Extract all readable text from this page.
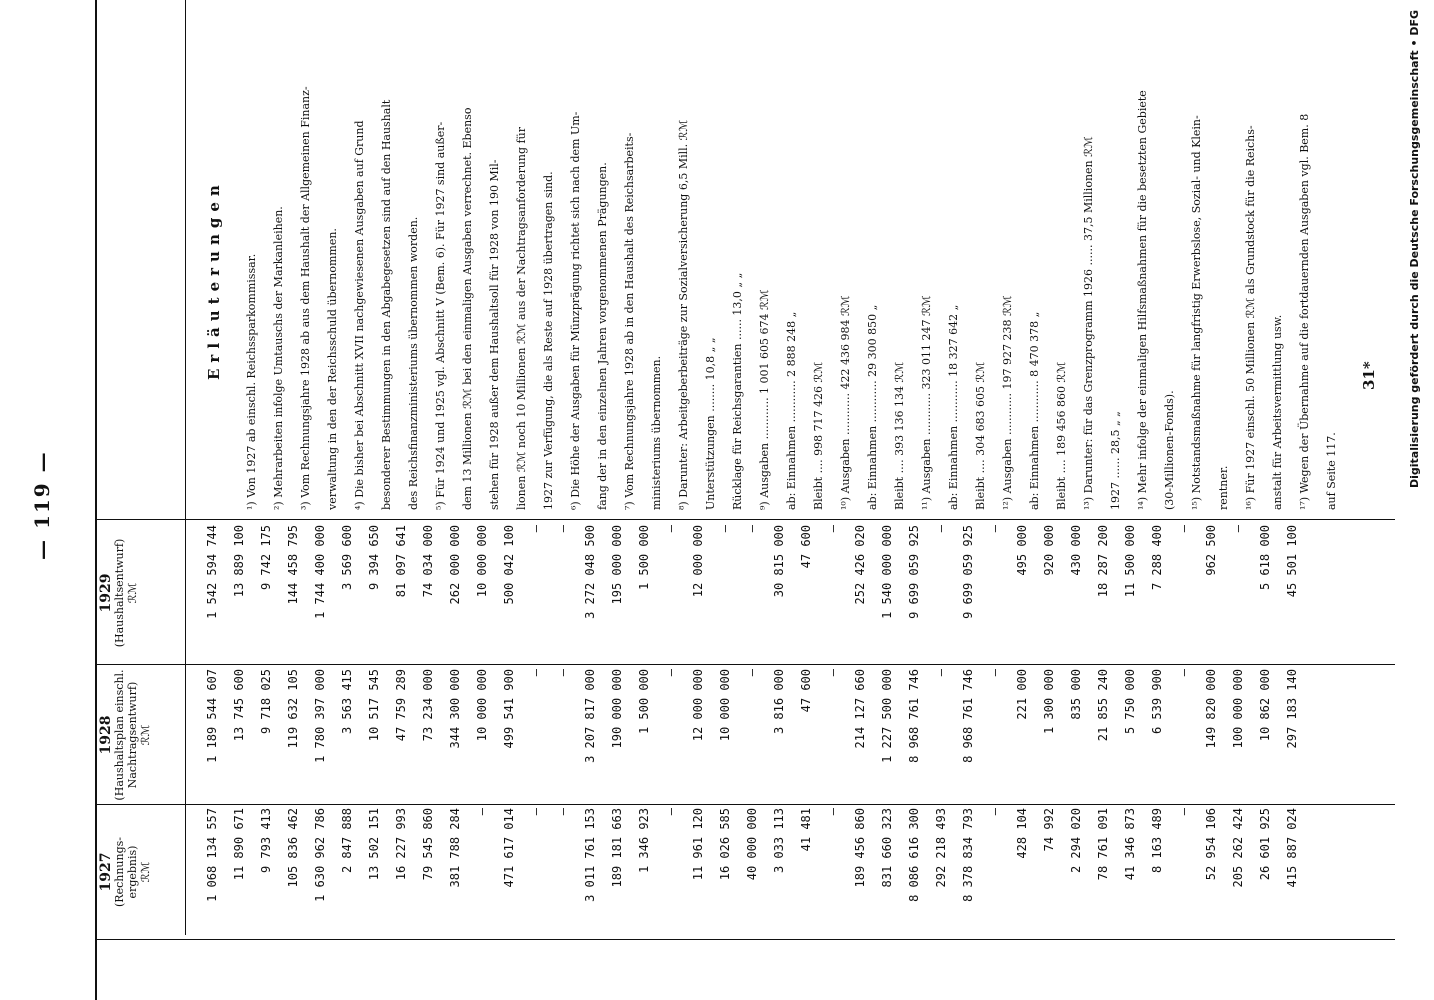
Digitalisierung gefördert durch die Deutsche Forschungsgemeinschaft • DFG
— 119 —
1927 (Rechnungs-
ergebnis) ℛℳ
1928 (Haushaltsplan einschl.
Nachtragsentwurf) ℛℳ
1929 (Haushaltsentwurf) ℛℳ
Erläuterungen
1 068 134 557
1 189 544 607
1 542 594 744
11 890 671
13 745 600
13 889 100
9 793 413
9 718 025
9 742 175
105 836 462
119 632 105
144 458 795
1 630 962 786
1 780 397 000
1 744 400 000
2 847 888
3 563 415
3 569 600
13 502 151
10 517 545
9 394 650
16 227 993
47 759 289
81 097 641
79 545 860
73 234 000
74 034 000
381 788 284
344 300 000
262 000 000
—
10 000 000
10 000 000
471 617 014
499 541 900
500 042 100
—
—
—
—
—
—
3 011 761 153
3 207 817 000
3 272 048 500
189 181 663
190 000 000
195 000 000
1 346 923
1 500 000
1 500 000
—
—
—
11 961 120
12 000 000
12 000 000
16 026 585
10 000 000
—
40 000 000
—
—
3 033 113
3 816 000
30 815 000
41 481
47 600
47 600
—
—
—
189 456 860
214 127 660
252 426 020
831 660 323
1 227 500 000
1 540 000 000
8 086 616 300
8 968 761 746
9 699 059 925
292 218 493
—
—
8 378 834 793
8 968 761 746
9 699 059 925
—
—
—
428 104
221 000
495 000
74 992
1 300 000
920 000
2 294 020
835 000
430 000
78 761 091
21 855 240
18 287 200
41 346 873
5 750 000
11 500 000
8 163 489
6 539 900
7 288 400
—
—
—
52 954 106
149 820 000
962 500
205 262 424
100 000 000
—
26 601 925
10 862 000
5 618 000
415 887 024
297 183 140
45 501 100
¹) Von 1927 ab einschl. Reichssparkommissar. ²) Mehrarbeiten infolge Umtauschs der Markanleihen. ³) Vom Rechnungsjahre 1928 ab aus dem Haushalt der Allgemeinen Finanz- verwaltung in den der Reichsschuld übernommen. ⁴) Die bisher bei Abschnitt XVII nachgewiesenen Ausgaben auf Grund besonderer Bestimmungen in den Abgabegesetzen sind auf den Haushalt des Reichsfinanzministeriums übernommen worden. ⁵) Für 1924 und 1925 vgl. Abschnitt V (Bem. 6). Für 1927 sind außer- dem 13 Millionen ℛℳ bei den einmaligen Ausgaben verrechnet. Ebenso stehen für 1928 außer dem Haushaltsoll für 1928 von 190 Mil- lionen ℛℳ noch 10 Millionen ℛℳ aus der Nachtragsanforderung für 1927 zur Verfügung, die als Reste auf 1928 übertragen sind. ⁶) Die Höhe der Ausgaben für Münzprägung richtet sich nach dem Um- fang der in den einzelnen Jahren vorgenommenen Prägungen. ⁷) Vom Rechnungsjahre 1928 ab in den Haushalt des Reichsarbeits- ministeriums übernommen. ⁸) Darunter: Arbeitgeberbeiträge zur Sozialversicherung 6,5 Mill. ℛℳ Unterstützungen ........ 10,8 „ „ Rücklage für Reichsgarantien ...... 13,0 „ „ ⁹) Ausgaben ............ 1 001 605 674 ℛℳ ab: Einnahmen ............ 2 888 248 „ Bleibt .... 998 717 426 ℛℳ ¹⁰) Ausgaben ............ 422 436 984 ℛℳ ab: Einnahmen ............ 29 300 850 „ Bleibt .... 393 136 134 ℛℳ ¹¹) Ausgaben ............ 323 011 247 ℛℳ ab: Einnahmen ............ 18 327 642 „ Bleibt .... 304 683 605 ℛℳ ¹²) Ausgaben ............ 197 927 238 ℛℳ ab: Einnahmen ............ 8 470 378 „ Bleibt .... 189 456 860 ℛℳ ¹³) Darunter: für das Grenzprogramm 1926 ...... 37,5 Millionen ℛℳ 1927 ...... 28,5 „ „ ¹⁴) Mehr infolge der einmaligen Hilfsmaßnahmen für die besetzten Gebiete (30-Millionen-Fonds). ¹⁵) Notstandsmaßnahme für langfristig Erwerbslose, Sozial- und Klein- rentner. ¹⁶) Für 1927 einschl. 50 Millionen ℛℳ als Grundstock für die Reichs- anstalt für Arbeitsvermittlung usw. ¹⁷) Wegen der Übernahme auf die fortdauernden Ausgaben vgl. Bem. 8 auf Seite 117.
31*
